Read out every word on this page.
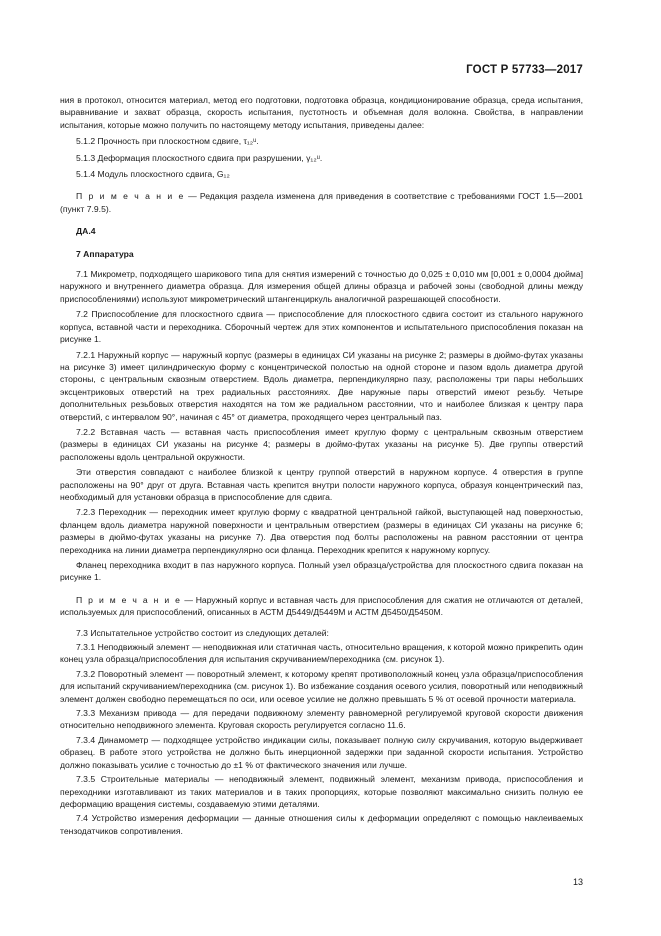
ГОСТ Р 57733—2017

ния в протокол, относится материал, метод его подготовки, подготовка образца, кондиционирование образца, среда испытания, выравнивание и захват образца, скорость испытания, пустотность и объемная доля волокна. Свойства, в направлении испытания, которые можно получить по настоящему методу испытания, приведены далее:

5.1.2 Прочность при плоскостном сдвиге, τ₁₂ᵘ.

5.1.3 Деформация плоскостного сдвига при разрушении, γ₁₂ᵘ.

5.1.4 Модуль плоскостного сдвига, G₁₂

П р и м е ч а н и е — Редакция раздела изменена для приведения в соответствие с требованиями ГОСТ 1.5—2001 (пункт 7.9.5).

ДА.4

7 Аппаратура

7.1 Микрометр, подходящего шарикового типа для снятия измерений с точностью до 0,025 ± 0,010 мм [0,001 ± 0,0004 дюйма] наружного и внутреннего диаметра образца. Для измерения общей длины образца и рабочей зоны (свободной длины между приспособлениями) используют микрометрический штангенциркуль аналогичной разрешающей способности.

7.2 Приспособление для плоскостного сдвига — приспособление для плоскостного сдвига состоит из стального наружного корпуса, вставной части и переходника. Сборочный чертеж для этих компонентов и испытательного приспособления показан на рисунке 1.

7.2.1 Наружный корпус — наружный корпус (размеры в единицах СИ указаны на рисунке 2; размеры в дюймо-футах указаны на рисунке 3) имеет цилиндрическую форму с концентрической полостью на одной стороне и пазом вдоль диаметра другой стороны, с центральным сквозным отверстием. Вдоль диаметра, перпендикулярно пазу, расположены три пары небольших эксцентриковых отверстий на трех радиальных расстояниях. Две наружные пары отверстий имеют резьбу. Четыре дополнительных резьбовых отверстия находятся на том же радиальном расстоянии, что и наиболее близкая к центру пара отверстий, с интервалом 90°, начиная с 45° от диаметра, проходящего через центральный паз.

7.2.2 Вставная часть — вставная часть приспособления имеет круглую форму с центральным сквозным отверстием (размеры в единицах СИ указаны на рисунке 4; размеры в дюймо-футах указаны на рисунке 5). Две группы отверстий расположены вдоль центральной окружности.

Эти отверстия совпадают с наиболее близкой к центру группой отверстий в наружном корпусе. 4 отверстия в группе расположены на 90° друг от друга. Вставная часть крепится внутри полости наружного корпуса, образуя концентрический паз, необходимый для установки образца в приспособление для сдвига.

7.2.3 Переходник — переходник имеет круглую форму с квадратной центральной гайкой, выступающей над поверхностью, фланцем вдоль диаметра наружной поверхности и центральным отверстием (размеры в единицах СИ указаны на рисунке 6; размеры в дюймо-футах указаны на рисунке 7). Два отверстия под болты расположены на равном расстоянии от центра переходника на линии диаметра перпендикулярно оси фланца. Переходник крепится к наружному корпусу.

Фланец переходника входит в паз наружного корпуса. Полный узел образца/устройства для плоскостного сдвига показан на рисунке 1.

П р и м е ч а н и е — Наружный корпус и вставная часть для приспособления для сжатия не отличаются от деталей, используемых для приспособлений, описанных в АСТМ Д5449/Д5449М и АСТМ Д5450/Д5450М.

7.3 Испытательное устройство состоит из следующих деталей:

7.3.1 Неподвижный элемент — неподвижная или статичная часть, относительно вращения, к которой можно прикрепить один конец узла образца/приспособления для испытания скручиванием/переходника (см. рисунок 1).

7.3.2 Поворотный элемент — поворотный элемент, к которому крепят противоположный конец узла образца/приспособления для испытаний скручиванием/переходника (см. рисунок 1). Во избежание создания осевого усилия, поворотный или неподвижный элемент должен свободно перемещаться по оси, или осевое усилие не должно превышать 5 % от осевой прочности материала.

7.3.3 Механизм привода — для передачи подвижному элементу равномерной регулируемой круговой скорости движения относительно неподвижного элемента. Круговая скорость регулируется согласно 11.6.

7.3.4 Динамометр — подходящее устройство индикации силы, показывает полную силу скручивания, которую выдерживает образец. В работе этого устройства не должно быть инерционной задержки при заданной скорости испытания. Устройство должно показывать усилие с точностью до ±1 % от фактического значения или лучше.

7.3.5 Строительные материалы — неподвижный элемент, подвижный элемент, механизм привода, приспособления и переходники изготавливают из таких материалов и в таких пропорциях, которые позволяют максимально снизить полную ее деформацию вращения системы, создаваемую этими деталями.

7.4 Устройство измерения деформации — данные отношения силы к деформации определяют с помощью наклеиваемых тензодатчиков сопротивления.

13
